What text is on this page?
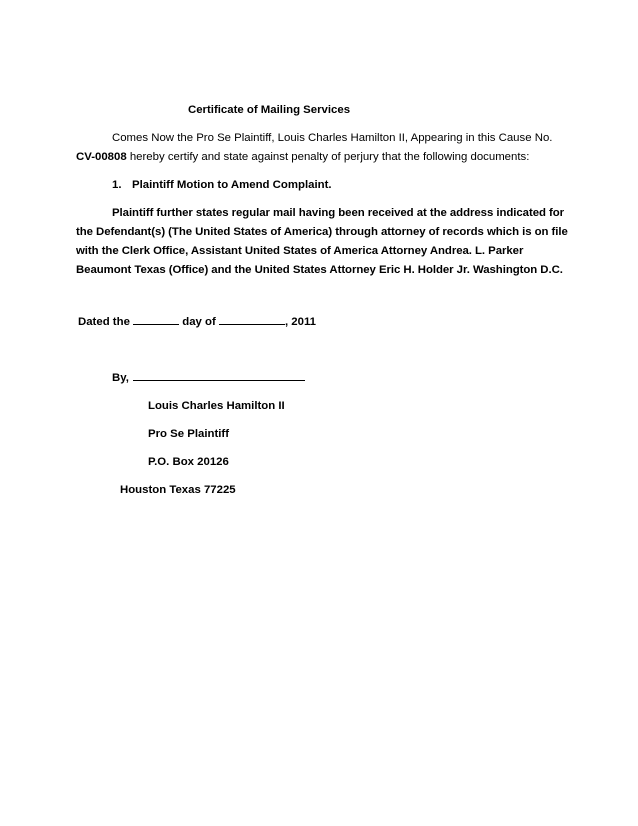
Certificate of Mailing Services
Comes Now the Pro Se Plaintiff, Louis Charles Hamilton II, Appearing in this Cause No.
CV-00808 hereby certify and state against penalty of perjury that the following documents:
1. Plaintiff Motion to Amend Complaint.
Plaintiff further states regular mail having been received at the address indicated for
the Defendant(s) (The United States of America) through attorney of records which is on file
with the Clerk Office, Assistant United States of America Attorney Andrea. L. Parker
Beaumont Texas (Office) and the United States Attorney Eric H. Holder Jr. Washington D.C.
Dated the	day of	, 2011
By,
Louis Charles Hamilton II
Pro Se Plaintiff
P.O. Box 20126
Houston Texas 77225
